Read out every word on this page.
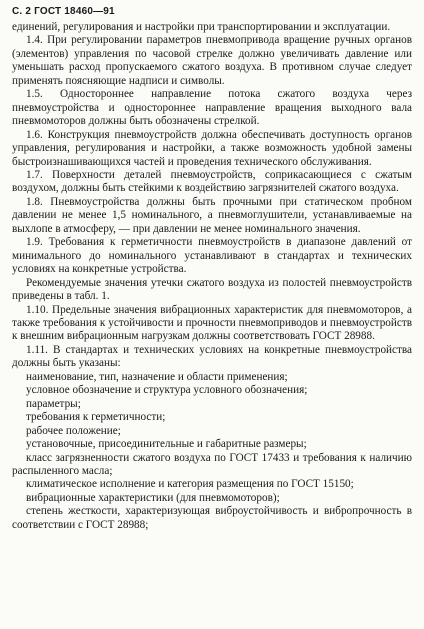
С. 2 ГОСТ 18460—91

единений, регулирования и настройки при транспортировании и эксплуатации.

1.4. При регулировании параметров пневмопривода вращение ручных органов (элементов) управления по часовой стрелке должно увеличивать давление или уменьшать расход пропускаемого сжатого воздуха. В противном случае следует применять поясняющие надписи и символы.

1.5. Одностороннее направление потока сжатого воздуха через пневмоустройства и одностороннее направление вращения выходного вала пневмомоторов должны быть обозначены стрелкой.

1.6. Конструкция пневмоустройств должна обеспечивать доступность органов управления, регулирования и настройки, а также возможность удобной замены быстроизнашивающихся частей и проведения технического обслуживания.

1.7. Поверхности деталей пневмоустройств, соприкасающиеся с сжатым воздухом, должны быть стейкими к воздействию загрязнителей сжатого воздуха.

1.8. Пневмоустройства должны быть прочными при статическом пробном давлении не менее 1,5 номинального, а пневмоглушители, устанавливаемые на выхлопе в атмосферу, — при давлении не менее номинального значения.

1.9. Требования к герметичности пневмоустройств в диапазоне давлений от минимального до номинального устанавливают в стандартах и технических условиях на конкретные устройства.

Рекомендуемые значения утечки сжатого воздуха из полостей пневмоустройств приведены в табл. 1.

1.10. Предельные значения вибрационных характеристик для пневмомоторов, а также требования к устойчивости и прочности пневмоприводов и пневмоустройств к внешним вибрационным нагрузкам должны соответствовать ГОСТ 28988.

1.11. В стандартах и технических условиях на конкретные пневмоустройства должны быть указаны:

наименование, тип, назначение и области применения;

условное обозначение и структура условного обозначения;

параметры;

требования к герметичности;

рабочее положение;

установочные, присоединительные и габаритные размеры;

класс загрязненности сжатого воздуха по ГОСТ 17433 и требования к наличию распыленного масла;

климатическое исполнение и категория размещения по ГОСТ 15150;

вибрационные характеристики (для пневмомоторов);

степень жесткости, характеризующая виброустойчивость и вибропрочность в соответствии с ГОСТ 28988;
